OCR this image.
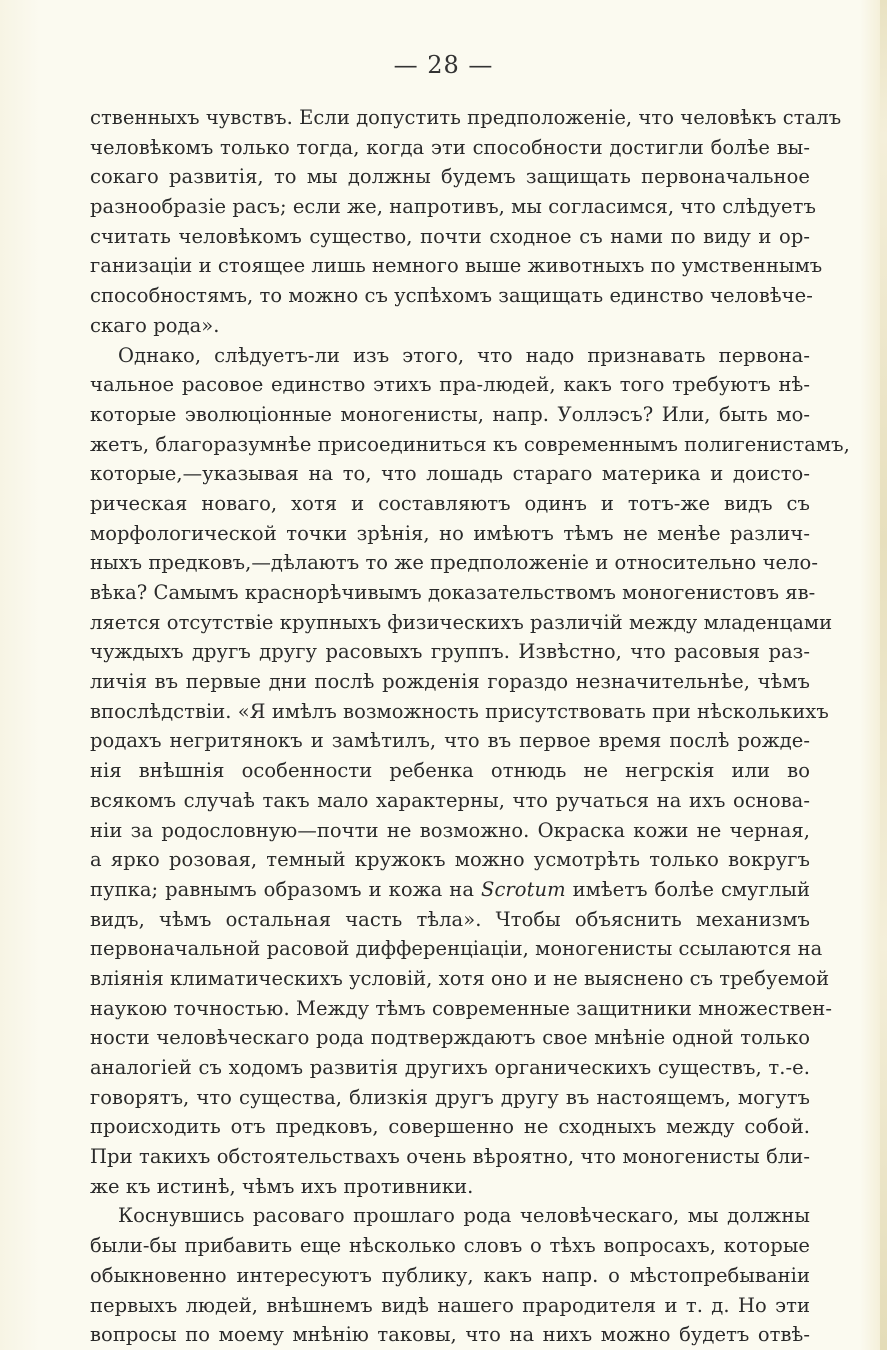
— 28 —
ственныхъ чувствъ. Если допустить предположеніе, что человѣкъ сталъ
человѣкомъ только тогда, когда эти способности достигли болѣе вы-
сокаго развитія, то мы должны будемъ защищать первоначальное
разнообразіе расъ; если же, напротивъ, мы согласимся, что слѣдуетъ
считать человѣкомъ существо, почти сходное съ нами по виду и ор-
ганизаціи и стоящее лишь немного выше животныхъ по умственнымъ
способностямъ, то можно съ успѣхомъ защищать единство человѣче-
скаго рода».
Однако, слѣдуетъ-ли изъ этого, что надо признавать первона-
чальное расовое единство этихъ пра-людей, какъ того требуютъ нѣ-
которые эволюціонные моногенисты, напр. Уоллэсъ? Или, быть мо-
жетъ, благоразумнѣе присоединиться къ современнымъ полигенистамъ,
которые,—указывая на то, что лошадь стараго материка и доисто-
рическая новаго, хотя и составляютъ одинъ и тотъ-же видъ съ
морфологической точки зрѣнія, но имѣютъ тѣмъ не менѣе различ-
ныхъ предковъ,—дѣлаютъ то же предположеніе и относительно чело-
вѣка? Самымъ краснорѣчивымъ доказательствомъ моногенистовъ яв-
ляется отсутствіе крупныхъ физическихъ различій между младенцами
чуждыхъ другъ другу расовыхъ группъ. Извѣстно, что расовыя раз-
личія въ первые дни послѣ рожденія гораздо незначительнѣе, чѣмъ
впослѣдствіи. «Я имѣлъ возможность присутствовать при нѣсколькихъ
родахъ негритянокъ и замѣтилъ, что въ первое время послѣ рожде-
нія внѣшнія особенности ребенка отнюдь не негрскія или во
всякомъ случаѣ такъ мало характерны, что ручаться на ихъ основа-
ніи за родословную—почти не возможно. Окраска кожи не черная,
а ярко розовая, темный кружокъ можно усмотрѣть только вокругъ
пупка; равнымъ образомъ и кожа на Scrotum имѣетъ болѣе смуглый
видъ, чѣмъ остальная часть тѣла». Чтобы объяснить механизмъ
первоначальной расовой дифференціаціи, моногенисты ссылаются на
вліянія климатическихъ условій, хотя оно и не выяснено съ требуемой
наукою точностью. Между тѣмъ современные защитники множествен-
ности человѣческаго рода подтверждаютъ свое мнѣніе одной только
аналогіей съ ходомъ развитія другихъ органическихъ существъ, т.-е.
говорятъ, что существа, близкія другъ другу въ настоящемъ, могутъ
происходить отъ предковъ, совершенно не сходныхъ между собой.
При такихъ обстоятельствахъ очень вѣроятно, что моногенисты бли-
же къ истинѣ, чѣмъ ихъ противники.
Коснувшись расоваго прошлаго рода человѣческаго, мы должны
были-бы прибавить еще нѣсколько словъ о тѣхъ вопросахъ, которые
обыкновенно интересуютъ публику, какъ напр. о мѣстопребываніи
первыхъ людей, внѣшнемъ видѣ нашего прародителя и т. д. Но эти
вопросы по моему мнѣнію таковы, что на нихъ можно будетъ отвѣ-
